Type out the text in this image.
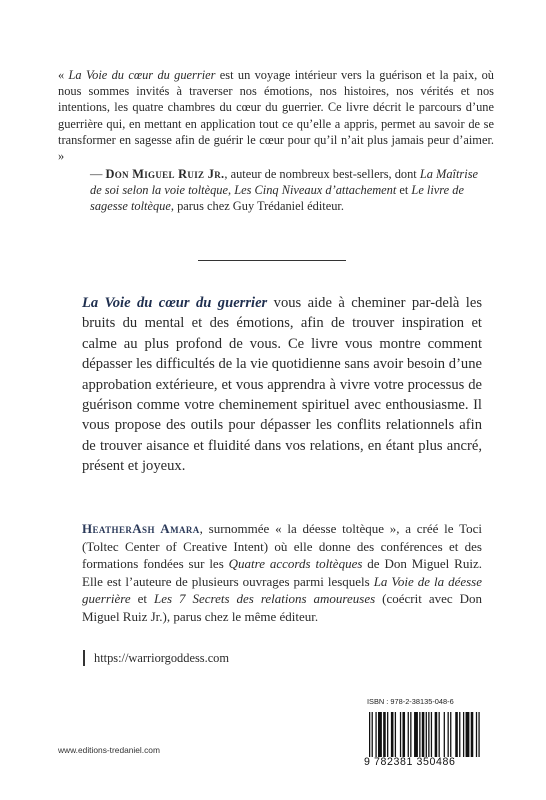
« La Voie du cœur du guerrier est un voyage intérieur vers la guérison et la paix, où nous sommes invités à traverser nos émotions, nos histoires, nos vérités et nos intentions, les quatre chambres du cœur du guerrier. Ce livre décrit le parcours d’une guerrière qui, en mettant en application tout ce qu’elle a appris, permet au savoir de se transformer en sagesse afin de guérir le cœur pour qu’il n’ait plus jamais peur d’aimer. »
— Don Miguel Ruiz Jr., auteur de nombreux best-sellers, dont La Maîtrise de soi selon la voie toltèque, Les Cinq Niveaux d’attachement et Le livre de sagesse toltèque, parus chez Guy Trédaniel éditeur.
La Voie du cœur du guerrier vous aide à cheminer par-delà les bruits du mental et des émotions, afin de trouver inspiration et calme au plus profond de vous. Ce livre vous montre comment dépasser les difficultés de la vie quotidienne sans avoir besoin d’une approbation extérieure, et vous apprendra à vivre votre processus de guérison comme votre cheminement spirituel avec enthousiasme. Il vous propose des outils pour dépasser les conflits relationnels afin de trouver aisance et fluidité dans vos relations, en étant plus ancré, présent et joyeux.
HeatherAsh Amara, surnommée « la déesse toltèque », a créé le Toci (Toltec Center of Creative Intent) où elle donne des conférences et des formations fondées sur les Quatre accords toltèques de Don Miguel Ruiz. Elle est l’auteure de plusieurs ouvrages parmi lesquels La Voie de la déesse guerrière et Les 7 Secrets des relations amoureuses (coécrit avec Don Miguel Ruiz Jr.), parus chez le même éditeur.
https://warriorgoddess.com
ISBN : 978-2-38135-048-6
9 782381 350486
www.editions-tredaniel.com
